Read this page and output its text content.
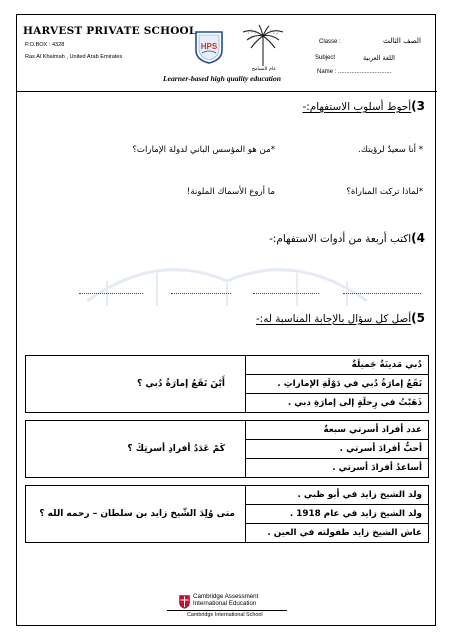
HARVEST PRIVATE SCHOOL
P.O.BOX : 4328
Ras Al Khaimah , United Arab Emirates
HPS
عام التسامح
Learner-based high quality education
Classe :	الصف الثالث
Subject	اللغة العربية
Name : ................................
3)أحوط أسلوب الاستفهام:-
* أنا سعيدٌ لرؤيتك.
*من هو المؤسس الباني لدولة الإمارات؟
*لماذا تركت المباراة؟
ما أروع الأسماك الملونة!
4)اكتب أربعة من أدوات الاستفهام:-
5)أصل كل سؤال بالإجابة المناسبة له:-
أَيْنَ تَقَعُ إمارَةُ دُبي ؟	دُبي مَدينَةٌ جَميلَةٌ
	تَقَعُ إمارَةُ دُبي في دَوْلَةِ الإماراتِ .
	ذَهَبْتُ في رِحلَةٍ إلى إمارَةِ دبي .

كَمْ عَدَدُ أفرادِ أسرتِكَ ؟	عدد أفراد أسرتي سبعةٌ
	أحبُّ أفرادَ أسرتي .
	أساعدُ أفرادَ أسرتي .

متى وُلِدَ الشّيخ زايد بن سلطان – رحمه الله ؟	ولد الشيخ زايد في أبو ظبي .
	ولد الشيخ زايد في عام 1918 .
	عاش الشيخ زايد طفولته في العين .
Cambridge Assessment
International Education
Cambridge International School
